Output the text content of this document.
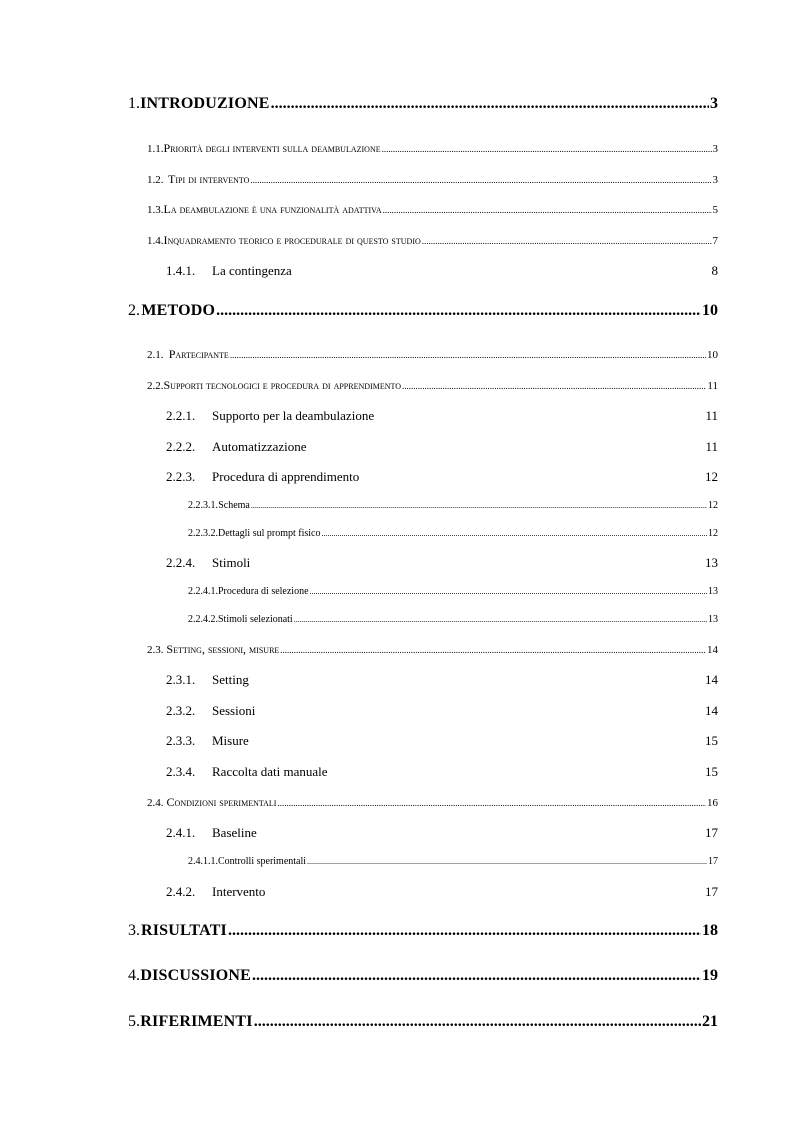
1. INTRODUZIONE .....	3
1.1. Priorità degli interventi sulla deambulazione .....	3
1.2. Tipi di intervento .....	3
1.3. La deambulazione è una funzionalità adattiva .....	5
1.4. Inquadramento teorico e procedurale di questo studio .....	7
1.4.1.	La contingenza	8
2. METODO .....	10
2.1. Partecipante .....	10
2.2. Supporti tecnologici e procedura di apprendimento .....	11
2.2.1.	Supporto per la deambulazione	11
2.2.2.	Automatizzazione	11
2.2.3.	Procedura di apprendimento	12
2.2.3.1. Schema .....	12
2.2.3.2. Dettagli sul prompt fisico .....	12
2.2.4.	Stimoli	13
2.2.4.1. Procedura di selezione .....	13
2.2.4.2. Stimoli selezionati .....	13
2.3. Setting, sessioni, misure .....	14
2.3.1.	Setting	14
2.3.2.	Sessioni	14
2.3.3.	Misure	15
2.3.4.	Raccolta dati manuale	15
2.4. Condizioni sperimentali .....	16
2.4.1.	Baseline	17
2.4.1.1. Controlli sperimentali .....	17
2.4.2.	Intervento	17
3. RISULTATI .....	18
4. DISCUSSIONE .....	19
5. RIFERIMENTI .....	21
